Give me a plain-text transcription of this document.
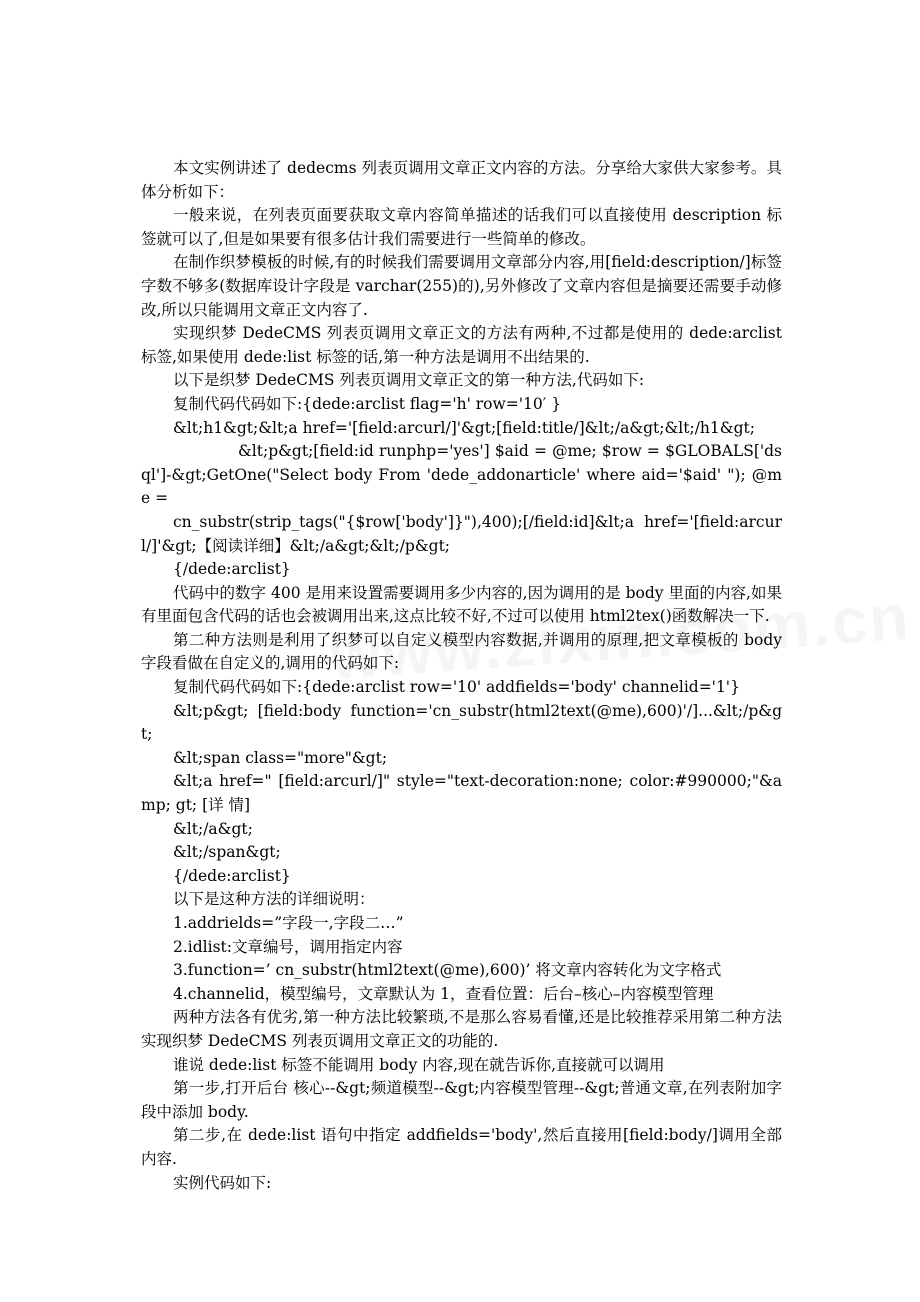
本文实例讲述了 dedecms 列表页调用文章正文内容的方法。分享给大家供大家参考。具体分析如下：

一般来说，在列表页面要获取文章内容简单描述的话我们可以直接使用 description 标签就可以了,但是如果要有很多估计我们需要进行一些简单的修改。

在制作织梦模板的时候,有的时候我们需要调用文章部分内容,用[field:description/]标签字数不够多(数据库设计字段是 varchar(255)的),另外修改了文章内容但是摘要还需要手动修改,所以只能调用文章正文内容了.

实现织梦 DedeCMS 列表页调用文章正文的方法有两种,不过都是使用的 dede:arclist 标签,如果使用 dede:list 标签的话,第一种方法是调用不出结果的.

以下是织梦 DedeCMS 列表页调用文章正文的第一种方法,代码如下:

复制代码代码如下:{dede:arclist flag='h' row='10′ }

&lt;h1&gt;&lt;a href='[field:arcurl/]'&gt;[field:title/]&lt;/a&gt;&lt;/h1&gt;

&lt;p&gt;[field:id runphp='yes'] $aid = @me; $row = $GLOBALS['dsql']-&gt;GetOne("Select body From 'dede_addonarticle' where aid='$aid' "); @me =

cn_substr(strip_tags("{$row['body']}"),400);[/field:id]&lt;a href='[field:arcurl/]'&gt;【阅读详细】&lt;/a&gt;&lt;/p&gt;

{/dede:arclist}

代码中的数字 400 是用来设置需要调用多少内容的,因为调用的是 body 里面的内容,如果有里面包含代码的话也会被调用出来,这点比较不好,不过可以使用 html2tex()函数解决一下.

第二种方法则是利用了织梦可以自定义模型内容数据,并调用的原理,把文章模板的 body 字段看做在自定义的,调用的代码如下:

复制代码代码如下:{dede:arclist row='10' addfields='body' channelid='1'}

&lt;p&gt; [field:body function='cn_substr(html2text(@me),600)'/]...&lt;/p&gt;

&lt;span class="more"&gt;

&lt;a href=" [field:arcurl/]" style="text-decoration:none; color:#990000;"&amp; gt; [详 情]

&lt;/a&gt;

&lt;/span&gt;

{/dede:arclist}

以下是这种方法的详细说明：

1.addrields=”字段一,字段二…”

2.idlist:文章编号，调用指定内容

3.function=’ cn_substr(html2text(@me),600)’ 将文章内容转化为文字格式

4.channelid，模型编号，文章默认为 1，查看位置：后台–核心–内容模型管理

两种方法各有优劣,第一种方法比较繁琐,不是那么容易看懂,还是比较推荐采用第二种方法实现织梦 DedeCMS 列表页调用文章正文的功能的.

谁说 dede:list 标签不能调用 body 内容,现在就告诉你,直接就可以调用

第一步,打开后台 核心--&gt;频道模型--&gt;内容模型管理--&gt;普通文章,在列表附加字段中添加 body.

第二步,在 dede:list 语句中指定 addfields='body',然后直接用[field:body/]调用全部内容.

实例代码如下:
